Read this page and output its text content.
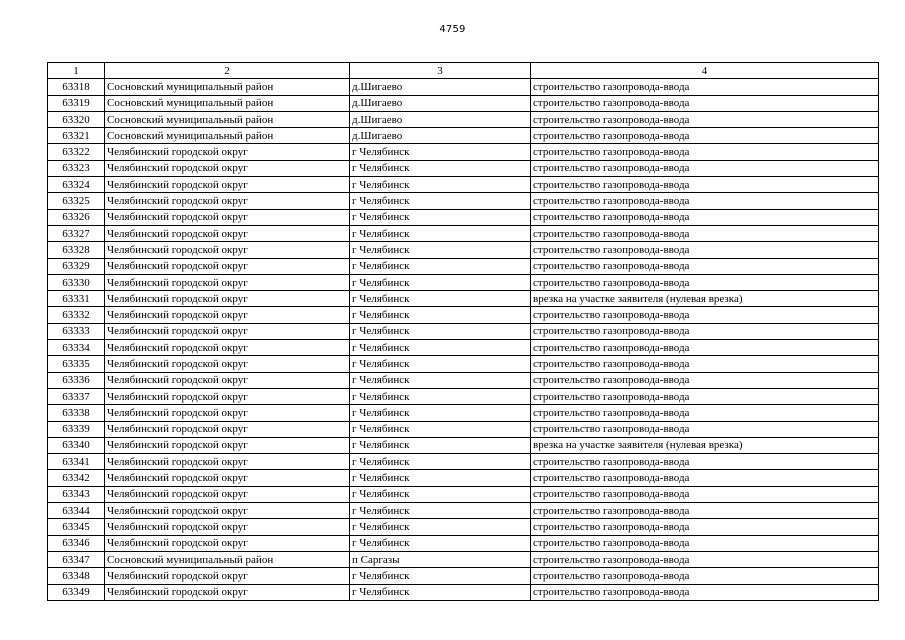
4759
1	2	3	4
63318	Сосновский муниципальный район	д.Шигаево	строительство газопровода-ввода
63319	Сосновский муниципальный район	д.Шигаево	строительство газопровода-ввода
63320	Сосновский муниципальный район	д.Шигаево	строительство газопровода-ввода
63321	Сосновский муниципальный район	д.Шигаево	строительство газопровода-ввода
63322	Челябинский городской округ	г Челябинск	строительство газопровода-ввода
63323	Челябинский городской округ	г Челябинск	строительство газопровода-ввода
63324	Челябинский городской округ	г Челябинск	строительство газопровода-ввода
63325	Челябинский городской округ	г Челябинск	строительство газопровода-ввода
63326	Челябинский городской округ	г Челябинск	строительство газопровода-ввода
63327	Челябинский городской округ	г Челябинск	строительство газопровода-ввода
63328	Челябинский городской округ	г Челябинск	строительство газопровода-ввода
63329	Челябинский городской округ	г Челябинск	строительство газопровода-ввода
63330	Челябинский городской округ	г Челябинск	строительство газопровода-ввода
63331	Челябинский городской округ	г Челябинск	врезка на участке заявителя (нулевая врезка)
63332	Челябинский городской округ	г Челябинск	строительство газопровода-ввода
63333	Челябинский городской округ	г Челябинск	строительство газопровода-ввода
63334	Челябинский городской округ	г Челябинск	строительство газопровода-ввода
63335	Челябинский городской округ	г Челябинск	строительство газопровода-ввода
63336	Челябинский городской округ	г Челябинск	строительство газопровода-ввода
63337	Челябинский городской округ	г Челябинск	строительство газопровода-ввода
63338	Челябинский городской округ	г Челябинск	строительство газопровода-ввода
63339	Челябинский городской округ	г Челябинск	строительство газопровода-ввода
63340	Челябинский городской округ	г Челябинск	врезка на участке заявителя (нулевая врезка)
63341	Челябинский городской округ	г Челябинск	строительство газопровода-ввода
63342	Челябинский городской округ	г Челябинск	строительство газопровода-ввода
63343	Челябинский городской округ	г Челябинск	строительство газопровода-ввода
63344	Челябинский городской округ	г Челябинск	строительство газопровода-ввода
63345	Челябинский городской округ	г Челябинск	строительство газопровода-ввода
63346	Челябинский городской округ	г Челябинск	строительство газопровода-ввода
63347	Сосновский муниципальный район	п Саргазы	строительство газопровода-ввода
63348	Челябинский городской округ	г Челябинск	строительство газопровода-ввода
63349	Челябинский городской округ	г Челябинск	строительство газопровода-ввода
